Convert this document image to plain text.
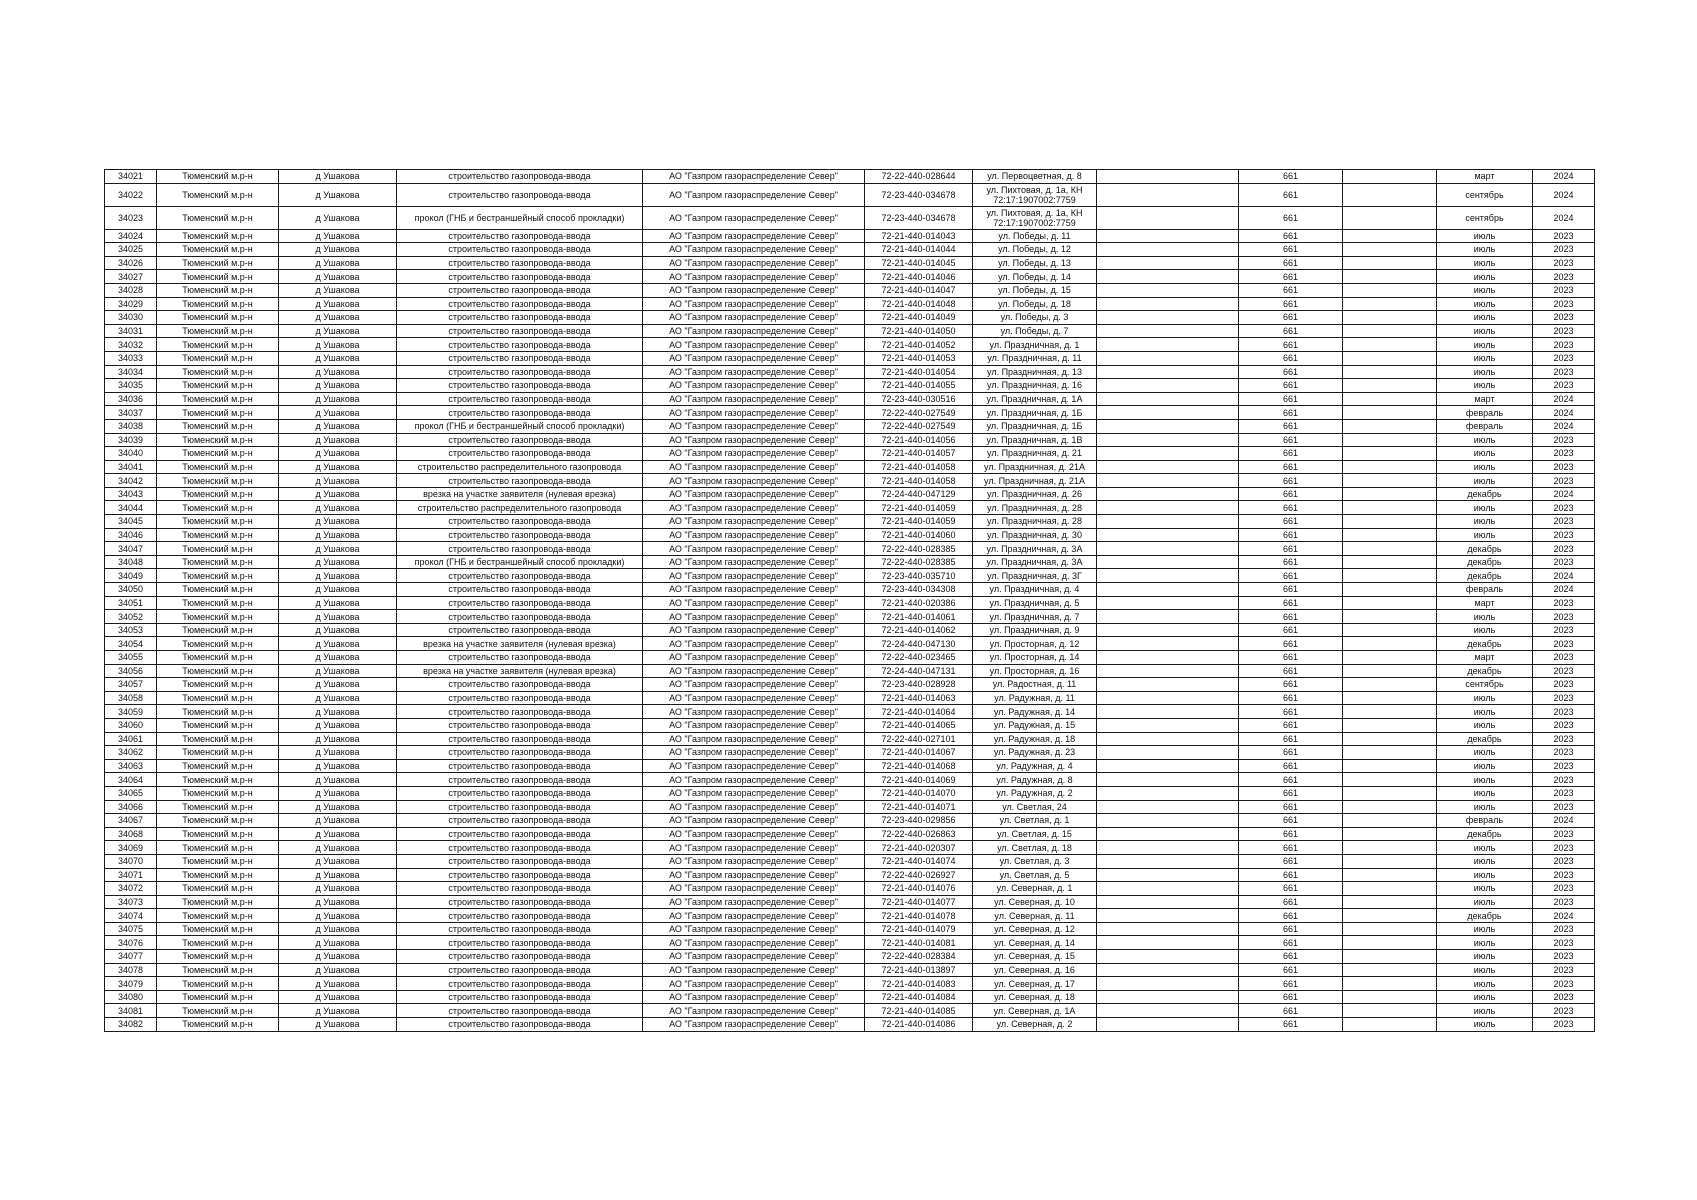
34021	Тюменский м.р-н	д Ушакова	строительство газопровода-ввода	АО "Газпром газораспределение Север"	72-22-440-028644	ул. Первоцветная, д. 8		661		март	2024
34022	Тюменский м.р-н	д Ушакова	строительство газопровода-ввода	АО "Газпром газораспределение Север"	72-23-440-034678	ул. Пихтовая, д. 1а, КН 72:17:1907002:7759		661		сентябрь	2024
34023	Тюменский м.р-н	д Ушакова	прокол (ГНБ и бестраншейный способ прокладки)	АО "Газпром газораспределение Север"	72-23-440-034678	ул. Пихтовая, д. 1а, КН 72:17:1907002:7759		661		сентябрь	2024
34024	Тюменский м.р-н	д Ушакова	строительство газопровода-ввода	АО "Газпром газораспределение Север"	72-21-440-014043	ул. Победы, д. 11		661		июль	2023
34025	Тюменский м.р-н	д Ушакова	строительство газопровода-ввода	АО "Газпром газораспределение Север"	72-21-440-014044	ул. Победы, д. 12		661		июль	2023
34026	Тюменский м.р-н	д Ушакова	строительство газопровода-ввода	АО "Газпром газораспределение Север"	72-21-440-014045	ул. Победы, д. 13		661		июль	2023
34027	Тюменский м.р-н	д Ушакова	строительство газопровода-ввода	АО "Газпром газораспределение Север"	72-21-440-014046	ул. Победы, д. 14		661		июль	2023
34028	Тюменский м.р-н	д Ушакова	строительство газопровода-ввода	АО "Газпром газораспределение Север"	72-21-440-014047	ул. Победы, д. 15		661		июль	2023
34029	Тюменский м.р-н	д Ушакова	строительство газопровода-ввода	АО "Газпром газораспределение Север"	72-21-440-014048	ул. Победы, д. 18		661		июль	2023
34030	Тюменский м.р-н	д Ушакова	строительство газопровода-ввода	АО "Газпром газораспределение Север"	72-21-440-014049	ул. Победы, д. 3		661		июль	2023
34031	Тюменский м.р-н	д Ушакова	строительство газопровода-ввода	АО "Газпром газораспределение Север"	72-21-440-014050	ул. Победы, д. 7		661		июль	2023
34032	Тюменский м.р-н	д Ушакова	строительство газопровода-ввода	АО "Газпром газораспределение Север"	72-21-440-014052	ул. Праздничная, д. 1		661		июль	2023
34033	Тюменский м.р-н	д Ушакова	строительство газопровода-ввода	АО "Газпром газораспределение Север"	72-21-440-014053	ул. Праздничная, д. 11		661		июль	2023
34034	Тюменский м.р-н	д Ушакова	строительство газопровода-ввода	АО "Газпром газораспределение Север"	72-21-440-014054	ул. Праздничная, д. 13		661		июль	2023
34035	Тюменский м.р-н	д Ушакова	строительство газопровода-ввода	АО "Газпром газораспределение Север"	72-21-440-014055	ул. Праздничная, д. 16		661		июль	2023
34036	Тюменский м.р-н	д Ушакова	строительство газопровода-ввода	АО "Газпром газораспределение Север"	72-23-440-030516	ул. Праздничная, д. 1А		661		март	2024
34037	Тюменский м.р-н	д Ушакова	строительство газопровода-ввода	АО "Газпром газораспределение Север"	72-22-440-027549	ул. Праздничная, д. 1Б		661		февраль	2024
34038	Тюменский м.р-н	д Ушакова	прокол (ГНБ и бестраншейный способ прокладки)	АО "Газпром газораспределение Север"	72-22-440-027549	ул. Праздничная, д. 1Б		661		февраль	2024
34039	Тюменский м.р-н	д Ушакова	строительство газопровода-ввода	АО "Газпром газораспределение Север"	72-21-440-014056	ул. Праздничная, д. 1В		661		июль	2023
34040	Тюменский м.р-н	д Ушакова	строительство газопровода-ввода	АО "Газпром газораспределение Север"	72-21-440-014057	ул. Праздничная, д. 21		661		июль	2023
34041	Тюменский м.р-н	д Ушакова	строительство распределительного газопровода	АО "Газпром газораспределение Север"	72-21-440-014058	ул. Праздничная, д. 21А		661		июль	2023
34042	Тюменский м.р-н	д Ушакова	строительство газопровода-ввода	АО "Газпром газораспределение Север"	72-21-440-014058	ул. Праздничная, д. 21А		661		июль	2023
34043	Тюменский м.р-н	д Ушакова	врезка на участке заявителя (нулевая врезка)	АО "Газпром газораспределение Север"	72-24-440-047129	ул. Праздничная, д. 26		661		декабрь	2024
34044	Тюменский м.р-н	д Ушакова	строительство распределительного газопровода	АО "Газпром газораспределение Север"	72-21-440-014059	ул. Праздничная, д. 28		661		июль	2023
34045	Тюменский м.р-н	д Ушакова	строительство газопровода-ввода	АО "Газпром газораспределение Север"	72-21-440-014059	ул. Праздничная, д. 28		661		июль	2023
34046	Тюменский м.р-н	д Ушакова	строительство газопровода-ввода	АО "Газпром газораспределение Север"	72-21-440-014060	ул. Праздничная, д. 30		661		июль	2023
34047	Тюменский м.р-н	д Ушакова	строительство газопровода-ввода	АО "Газпром газораспределение Север"	72-22-440-028385	ул. Праздничная, д. 3А		661		декабрь	2023
34048	Тюменский м.р-н	д Ушакова	прокол (ГНБ и бестраншейный способ прокладки)	АО "Газпром газораспределение Север"	72-22-440-028385	ул. Праздничная, д. 3А		661		декабрь	2023
34049	Тюменский м.р-н	д Ушакова	строительство газопровода-ввода	АО "Газпром газораспределение Север"	72-23-440-035710	ул. Праздничная, д. 3Г		661		декабрь	2024
34050	Тюменский м.р-н	д Ушакова	строительство газопровода-ввода	АО "Газпром газораспределение Север"	72-23-440-034308	ул. Праздничная, д. 4		661		февраль	2024
34051	Тюменский м.р-н	д Ушакова	строительство газопровода-ввода	АО "Газпром газораспределение Север"	72-21-440-020386	ул. Праздничная, д. 5		661		март	2023
34052	Тюменский м.р-н	д Ушакова	строительство газопровода-ввода	АО "Газпром газораспределение Север"	72-21-440-014061	ул. Праздничная, д. 7		661		июль	2023
34053	Тюменский м.р-н	д Ушакова	строительство газопровода-ввода	АО "Газпром газораспределение Север"	72-21-440-014062	ул. Праздничная, д. 9		661		июль	2023
34054	Тюменский м.р-н	д Ушакова	врезка на участке заявителя (нулевая врезка)	АО "Газпром газораспределение Север"	72-24-440-047130	ул. Просторная, д. 12		661		декабрь	2023
34055	Тюменский м.р-н	д Ушакова	строительство газопровода-ввода	АО "Газпром газораспределение Север"	72-22-440-023465	ул. Просторная, д. 14		661		март	2023
34056	Тюменский м.р-н	д Ушакова	врезка на участке заявителя (нулевая врезка)	АО "Газпром газораспределение Север"	72-24-440-047131	ул. Просторная, д. 16		661		декабрь	2023
34057	Тюменский м.р-н	д Ушакова	строительство газопровода-ввода	АО "Газпром газораспределение Север"	72-23-440-028928	ул. Радостная, д. 11		661		сентябрь	2023
34058	Тюменский м.р-н	д Ушакова	строительство газопровода-ввода	АО "Газпром газораспределение Север"	72-21-440-014063	ул. Радужная, д. 11		661		июль	2023
34059	Тюменский м.р-н	д Ушакова	строительство газопровода-ввода	АО "Газпром газораспределение Север"	72-21-440-014064	ул. Радужная, д. 14		661		июль	2023
34060	Тюменский м.р-н	д Ушакова	строительство газопровода-ввода	АО "Газпром газораспределение Север"	72-21-440-014065	ул. Радужная, д. 15		661		июль	2023
34061	Тюменский м.р-н	д Ушакова	строительство газопровода-ввода	АО "Газпром газораспределение Север"	72-22-440-027101	ул. Радужная, д. 18		661		декабрь	2023
34062	Тюменский м.р-н	д Ушакова	строительство газопровода-ввода	АО "Газпром газораспределение Север"	72-21-440-014067	ул. Радужная, д. 23		661		июль	2023
34063	Тюменский м.р-н	д Ушакова	строительство газопровода-ввода	АО "Газпром газораспределение Север"	72-21-440-014068	ул. Радужная, д. 4		661		июль	2023
34064	Тюменский м.р-н	д Ушакова	строительство газопровода-ввода	АО "Газпром газораспределение Север"	72-21-440-014069	ул. Радужная, д. 8		661		июль	2023
34065	Тюменский м.р-н	д Ушакова	строительство газопровода-ввода	АО "Газпром газораспределение Север"	72-21-440-014070	ул. Радужная, д. 2		661		июль	2023
34066	Тюменский м.р-н	д Ушакова	строительство газопровода-ввода	АО "Газпром газораспределение Север"	72-21-440-014071	ул. Светлая, 24		661		июль	2023
34067	Тюменский м.р-н	д Ушакова	строительство газопровода-ввода	АО "Газпром газораспределение Север"	72-23-440-029856	ул. Светлая, д. 1		661		февраль	2024
34068	Тюменский м.р-н	д Ушакова	строительство газопровода-ввода	АО "Газпром газораспределение Север"	72-22-440-026863	ул. Светлая, д. 15		661		декабрь	2023
34069	Тюменский м.р-н	д Ушакова	строительство газопровода-ввода	АО "Газпром газораспределение Север"	72-21-440-020307	ул. Светлая, д. 18		661		июль	2023
34070	Тюменский м.р-н	д Ушакова	строительство газопровода-ввода	АО "Газпром газораспределение Север"	72-21-440-014074	ул. Светлая, д. 3		661		июль	2023
34071	Тюменский м.р-н	д Ушакова	строительство газопровода-ввода	АО "Газпром газораспределение Север"	72-22-440-026927	ул. Светлая, д. 5		661		июль	2023
34072	Тюменский м.р-н	д Ушакова	строительство газопровода-ввода	АО "Газпром газораспределение Север"	72-21-440-014076	ул. Северная, д. 1		661		июль	2023
34073	Тюменский м.р-н	д Ушакова	строительство газопровода-ввода	АО "Газпром газораспределение Север"	72-21-440-014077	ул. Северная, д. 10		661		июль	2023
34074	Тюменский м.р-н	д Ушакова	строительство газопровода-ввода	АО "Газпром газораспределение Север"	72-21-440-014078	ул. Северная, д. 11		661		декабрь	2024
34075	Тюменский м.р-н	д Ушакова	строительство газопровода-ввода	АО "Газпром газораспределение Север"	72-21-440-014079	ул. Северная, д. 12		661		июль	2023
34076	Тюменский м.р-н	д Ушакова	строительство газопровода-ввода	АО "Газпром газораспределение Север"	72-21-440-014081	ул. Северная, д. 14		661		июль	2023
34077	Тюменский м.р-н	д Ушакова	строительство газопровода-ввода	АО "Газпром газораспределение Север"	72-22-440-028384	ул. Северная, д. 15		661		июль	2023
34078	Тюменский м.р-н	д Ушакова	строительство газопровода-ввода	АО "Газпром газораспределение Север"	72-21-440-013897	ул. Северная, д. 16		661		июль	2023
34079	Тюменский м.р-н	д Ушакова	строительство газопровода-ввода	АО "Газпром газораспределение Север"	72-21-440-014083	ул. Северная, д. 17		661		июль	2023
34080	Тюменский м.р-н	д Ушакова	строительство газопровода-ввода	АО "Газпром газораспределение Север"	72-21-440-014084	ул. Северная, д. 18		661		июль	2023
34081	Тюменский м.р-н	д Ушакова	строительство газопровода-ввода	АО "Газпром газораспределение Север"	72-21-440-014085	ул. Северная, д. 1А		661		июль	2023
34082	Тюменский м.р-н	д Ушакова	строительство газопровода-ввода	АО "Газпром газораспределение Север"	72-21-440-014086	ул. Северная, д. 2		661		июль	2023
